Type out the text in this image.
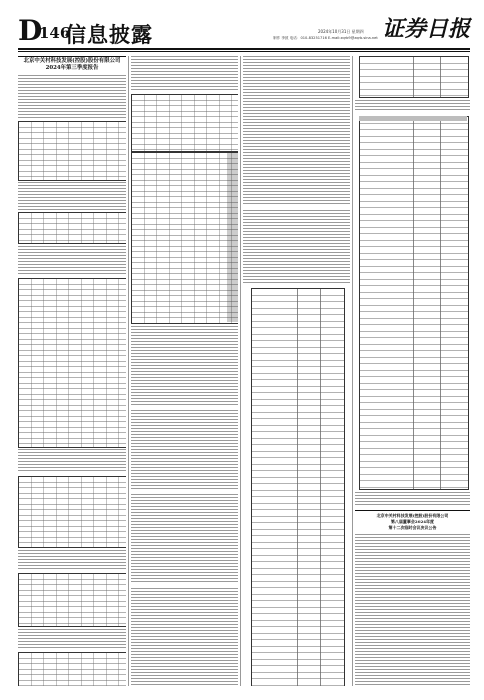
D
146
信息披露	2024年10月31日 星期四
制作 李波 电话：010-83251716 E-mail:zqrb9@zqrb.sina.net 证券日报
北京中关村科技发展(控股)股份有限公司
2024年第三季度报告
北京中关村科技发展(控股)股份有限公司
第八届董事会2024年度
第十二次临时会议决议公告
